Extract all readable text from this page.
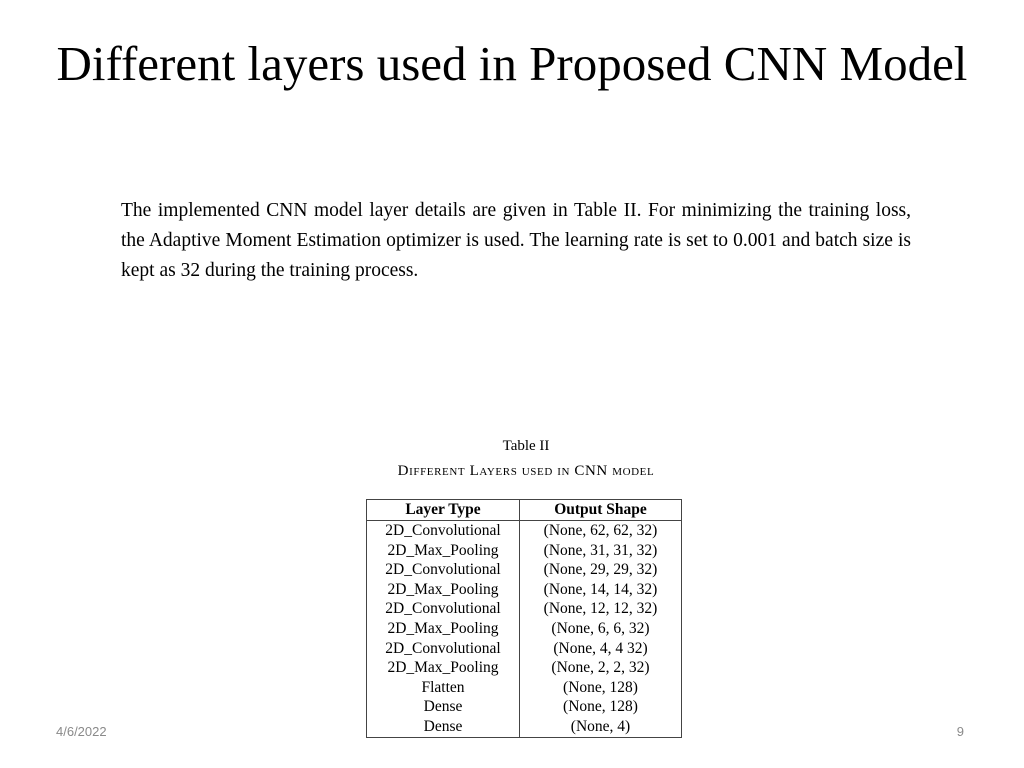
Different layers used in Proposed CNN Model

The implemented CNN model layer details are given in Table II. For minimizing the training loss, the Adaptive Moment Estimation optimizer is used. The learning rate is set to 0.001 and batch size is kept as 32 during the training process.

Table II
Different Layers used in CNN model
Layer Type	Output Shape
2D_Convolutional	(None, 62, 62, 32)
2D_Max_Pooling	(None, 31, 31, 32)
2D_Convolutional	(None, 29, 29, 32)
2D_Max_Pooling	(None, 14, 14, 32)
2D_Convolutional	(None, 12, 12, 32)
2D_Max_Pooling	(None, 6, 6, 32)
2D_Convolutional	(None, 4, 4 32)
2D_Max_Pooling	(None, 2, 2, 32)
Flatten	(None, 128)
Dense	(None, 128)
Dense	(None, 4)
4/6/2022	9
